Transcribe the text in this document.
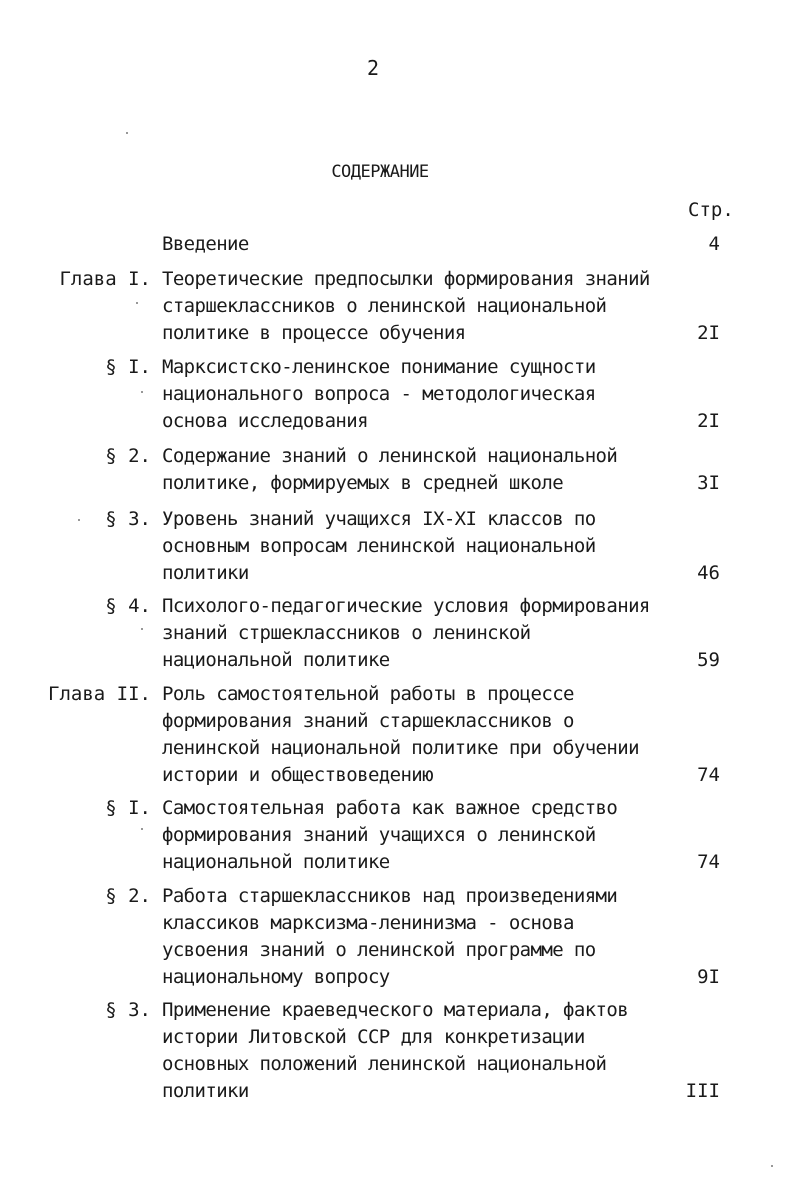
2
СОДЕРЖАНИЕ
Стр.
Введение	4
Глава I. Теоретические предпосылки формирования знаний
старшеклассников о ленинской национальной
политике в процессе обучения	2I
§ I. Марксистско-ленинское понимание сущности
национального вопроса - методологическая
основа исследования	2I
§ 2. Содержание знаний о ленинской национальной
политике, формируемых в средней школе	3I
§ 3. Уровень знаний учащихся IX-XI классов по
основным вопросам ленинской национальной
политики	46
§ 4. Психолого-педагогические условия формирования
знаний стршеклассников о ленинской
национальной политике	59
Глава II. Роль самостоятельной работы в процессе
формирования знаний старшеклассников о
ленинской национальной политике при обучении
истории и обществоведению	74
§ I. Самостоятельная работа как важное средство
формирования знаний учащихся о ленинской
национальной политике	74
§ 2. Работа старшеклассников над произведениями
классиков марксизма-ленинизма - основа
усвоения знаний о ленинской программе по
национальному вопросу	9I
§ 3. Применение краеведческого материала, фактов
истории Литовской ССР для конкретизации
основных положений ленинской национальной
политики	III
